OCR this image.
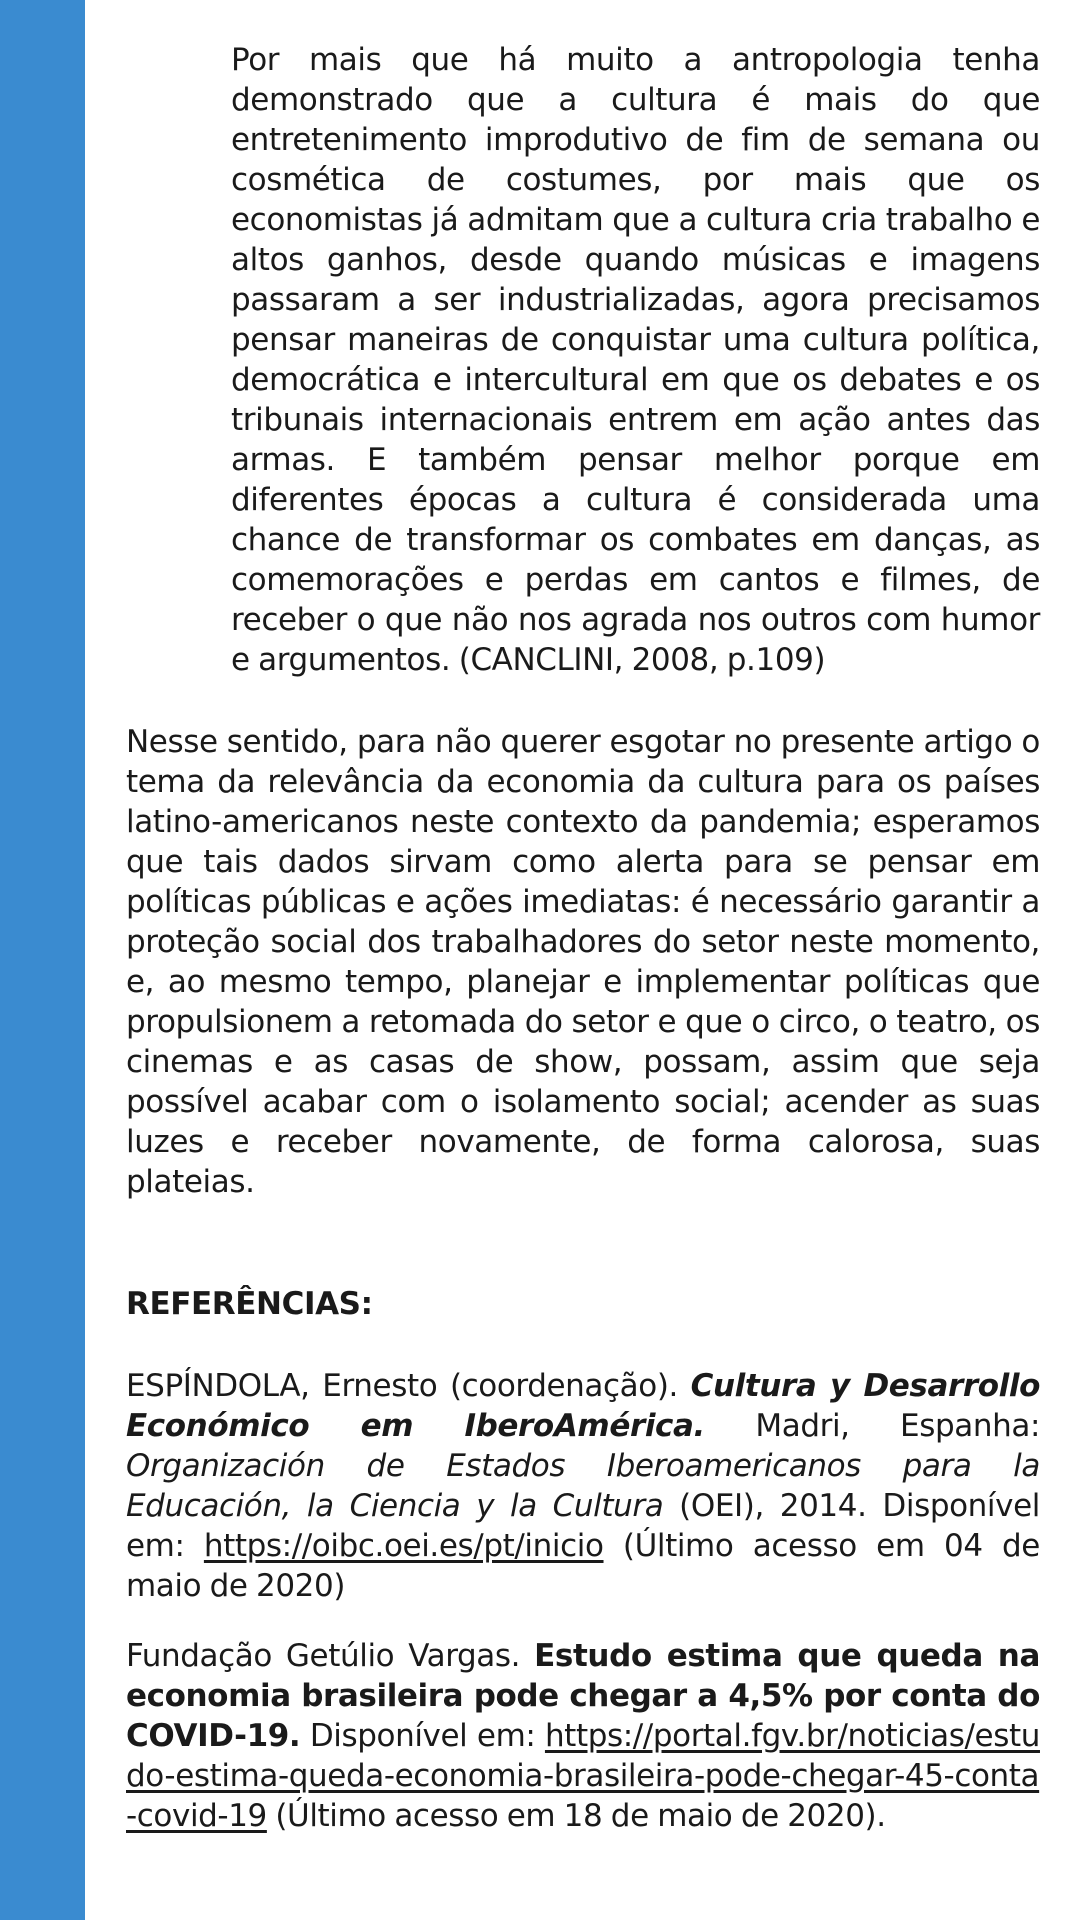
Por mais que há muito a antropologia tenha demonstrado que a cultura é mais do que entretenimento improdutivo de fim de semana ou cosmética de costumes, por mais que os economistas já admitam que a cultura cria trabalho e altos ganhos, desde quando músicas e imagens passaram a ser industrializadas, agora precisamos pensar maneiras de conquistar uma cultura política, democrática e intercultural em que os debates e os tribunais internacionais entrem em ação antes das armas. E também pensar melhor porque em diferentes épocas a cultura é considerada uma chance de transformar os combates em danças, as comemorações e perdas em cantos e filmes, de receber o que não nos agrada nos outros com humor e argumentos. (CANCLINI, 2008, p.109)

Nesse sentido, para não querer esgotar no presente artigo o tema da relevância da economia da cultura para os países latino-americanos neste contexto da pandemia; esperamos que tais dados sirvam como alerta para se pensar em políticas públicas e ações imediatas: é necessário garantir a proteção social dos trabalhadores do setor neste momento, e, ao mesmo tempo, planejar e implementar políticas que propulsionem a retomada do setor e que o circo, o teatro, os cinemas e as casas de show, possam, assim que seja possível acabar com o isolamento social; acender as suas luzes e receber novamente, de forma calorosa, suas plateias.

REFERÊNCIAS:

ESPÍNDOLA, Ernesto (coordenação). Cultura y Desarrollo Económico em IberoAmérica. Madri, Espanha: Organización de Estados Iberoamericanos para la Educación, la Ciencia y la Cultura (OEI), 2014. Disponível em: https://oibc.oei.es/pt/inicio (Último acesso em 04 de maio de 2020)

Fundação Getúlio Vargas. Estudo estima que queda na economia brasileira pode chegar a 4,5% por conta do COVID-19. Disponível em: https://portal.fgv.br/noticias/estudo-estima-queda-economia-brasileira-pode-chegar-45-conta-covid-19 (Último acesso em 18 de maio de 2020).
